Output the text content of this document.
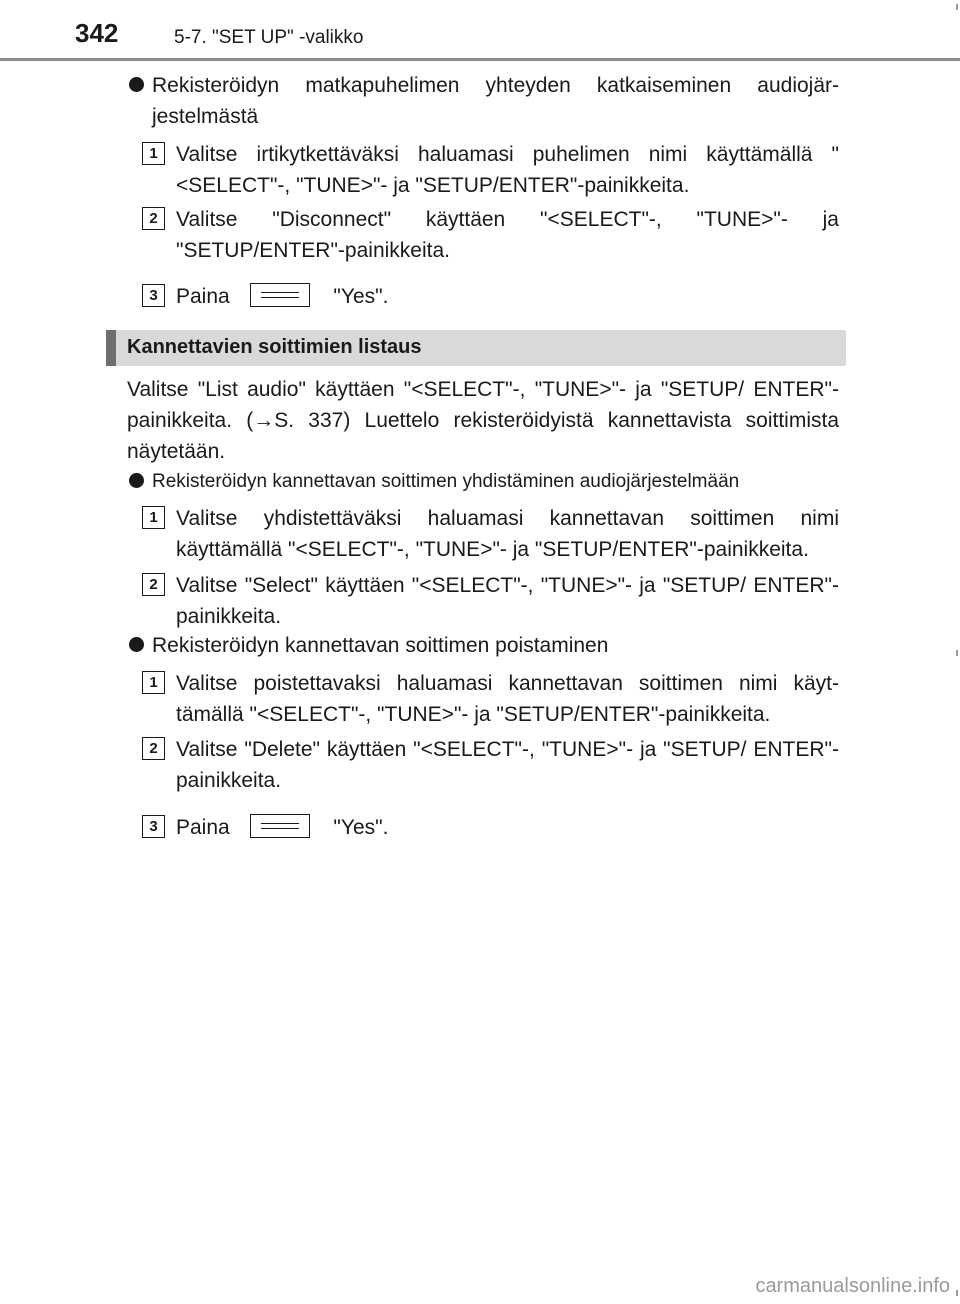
342	5-7. "SET UP" -valikko
Rekisteröidyn matkapuhelimen yhteyden katkaiseminen audiojär-jestelmästä
1 Valitse irtikytkettäväksi haluamasi puhelimen nimi käyttämällä "<SELECT"-, "TUNE>"- ja "SETUP/ENTER"-painikkeita.
2 Valitse "Disconnect" käyttäen "<SELECT"-, "TUNE>"- ja "SETUP/ENTER"-painikkeita.
3 Paina	"Yes".
Kannettavien soittimien listaus
Valitse "List audio" käyttäen "<SELECT"-, "TUNE>"- ja "SETUP/ ENTER"-painikkeita. (→S. 337) Luettelo rekisteröidyistä kannettavista soittimista näytetään.
Rekisteröidyn kannettavan soittimen yhdistäminen audiojärjestelmään
1 Valitse yhdistettäväksi haluamasi kannettavan soittimen nimi käyttämällä "<SELECT"-, "TUNE>"- ja "SETUP/ENTER"-painikkeita.
2 Valitse "Select" käyttäen "<SELECT"-, "TUNE>"- ja "SETUP/ ENTER"-painikkeita.
Rekisteröidyn kannettavan soittimen poistaminen
1 Valitse poistettavaksi haluamasi kannettavan soittimen nimi käyt-tämällä "<SELECT"-, "TUNE>"- ja "SETUP/ENTER"-painikkeita.
2 Valitse "Delete" käyttäen "<SELECT"-, "TUNE>"- ja "SETUP/ ENTER"-painikkeita.
3 Paina	"Yes".
carmanualsonline.info
